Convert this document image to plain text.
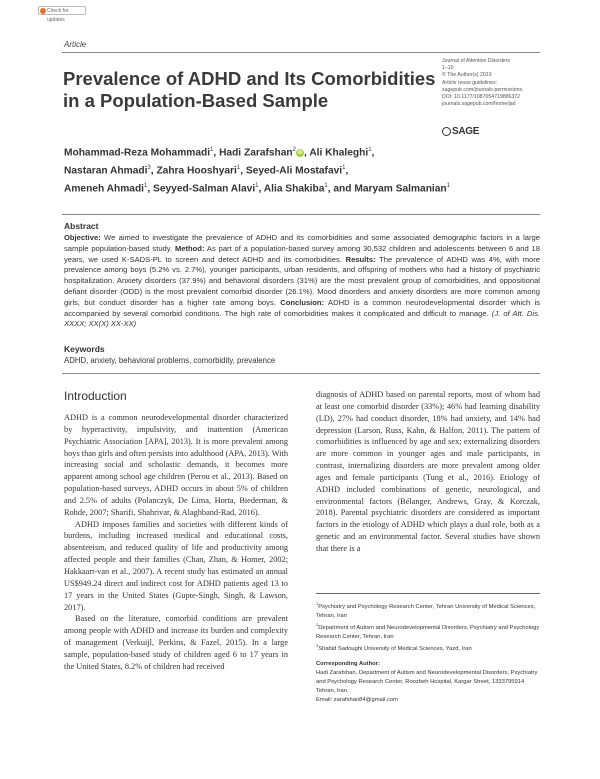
Check for updates
Article
Prevalence of ADHD and Its Comorbidities
in a Population-Based Sample
Journal of Attention Disorders
1–10
© The Author(s) 2019
Article reuse guidelines:
sagepub.com/journals-permissions
DOI: 10.1177/1087054719886372
journals.sagepub.com/home/jad
SAGE
Mohammad-Reza Mohammadi$^1$, Hadi Zarafshan$^2$ iD , Ali Khaleghi$^1$,
Nastaran Ahmadi$^3$, Zahra Hooshyari$^1$, Seyed-Ali Mostafavi$^1$,
Ameneh Ahmadi$^1$, Seyyed-Salman Alavi$^1$, Alia Shakiba$^1$, and Maryam Salmanian$^1$
Abstract
Objective: We aimed to investigate the prevalence of ADHD and its comorbidities and some associated demographic factors in a large sample population-based study. Method: As part of a population-based survey among 30,532 children and adolescents between 6 and 18 years, we used K-SADS-PL to screen and detect ADHD and its comorbidities. Results: The prevalence of ADHD was 4%, with more prevalence among boys (5.2% vs. 2.7%), younger participants, urban residents, and offspring of mothers who had a history of psychiatric hospitalization. Anxiety disorders (37.9%) and behavioral disorders (31%) are the most prevalent group of comorbidities, and oppositional defiant disorder (ODD) is the most prevalent comorbid disorder (26.1%). Mood disorders and anxiety disorders are more common among girls, but conduct disorder has a higher rate among boys. Conclusion: ADHD is a common neurodevelopmental disorder which is accompanied by several comorbid conditions. The high rate of comorbidities makes it complicated and difficult to manage. (J. of Att. Dis. XXXX; XX(X) XX-XX)
Keywords
ADHD, anxiety, behavioral problems, comorbidity, prevalence
Introduction

ADHD is a common neurodevelopmental disorder characterized by hyperactivity, impulsivity, and inattention (American Psychiatric Association [APA], 2013). It is more prevalent among boys than girls and often persists into adulthood (APA, 2013). With increasing social and scholastic demands, it becomes more apparent among school age children (Perou et al., 2013). Based on population-based surveys, ADHD occurs in about 5% of children and 2.5% of adults (Polanczyk, De Lima, Horta, Biederman, & Rohde, 2007; Sharifi, Shahrivar, & Alaghband-Rad, 2016).

ADHD imposes families and societies with different kinds of burdens, including increased medical and educational costs, absenteeism, and reduced quality of life and productivity among affected people and their families (Chan, Zhan, & Homer, 2002; Hakkaart-van et al., 2007). A recent study has estimated an annual US$949.24 direct and indirect cost for ADHD patients aged 13 to 17 years in the United States (Gupte-Singh, Singh, & Lawson, 2017).

Based on the literature, comorbid conditions are prevalent among people with ADHD and increase its burden and complexity of management (Verkuijl, Perkins, & Fazel, 2015). In a large sample, population-based study of children aged 6 to 17 years in the United States, 8.2% of children had received

diagnosis of ADHD based on parental reports, most of whom had at least one comorbid disorder (33%); 46% had learning disability (LD), 27% had conduct disorder, 18% had anxiety, and 14% had depression (Larson, Russ, Kahn, & Halfon, 2011). The pattern of comorbidities is influenced by age and sex; externalizing disorders are more common in younger ages and male participants, in contrast, internalizing disorders are more prevalent among older ages and female participants (Tung et al., 2016). Etiology of ADHD included combinations of genetic, neurological, and environmental factors (Bélanger, Andrews, Gray, & Korczak, 2018). Parental psychiatric disorders are considered as important factors in the etiology of ADHD which plays a dual role, both as a genetic and an environmental factor. Several studies have shown that there is a

$^1$Psychiatry and Psychology Research Center, Tehran University of Medical Sciences, Tehran, Iran

$^2$Department of Autism and Neurodevelopmental Disorders, Psychiatry and Psychology Research Center, Tehran, Iran

$^3$Shahid Sadoughi University of Medical Sciences, Yazd, Iran

Corresponding Author:

Hadi Zarafshan, Department of Autism and Neurodevelopmental Disorders, Psychiatry and Psychology Research Center, Roozbeh Hospital, Kargar Street, 1333795914 Tehran, Iran.

Email: zarafshan84@gmail.com
